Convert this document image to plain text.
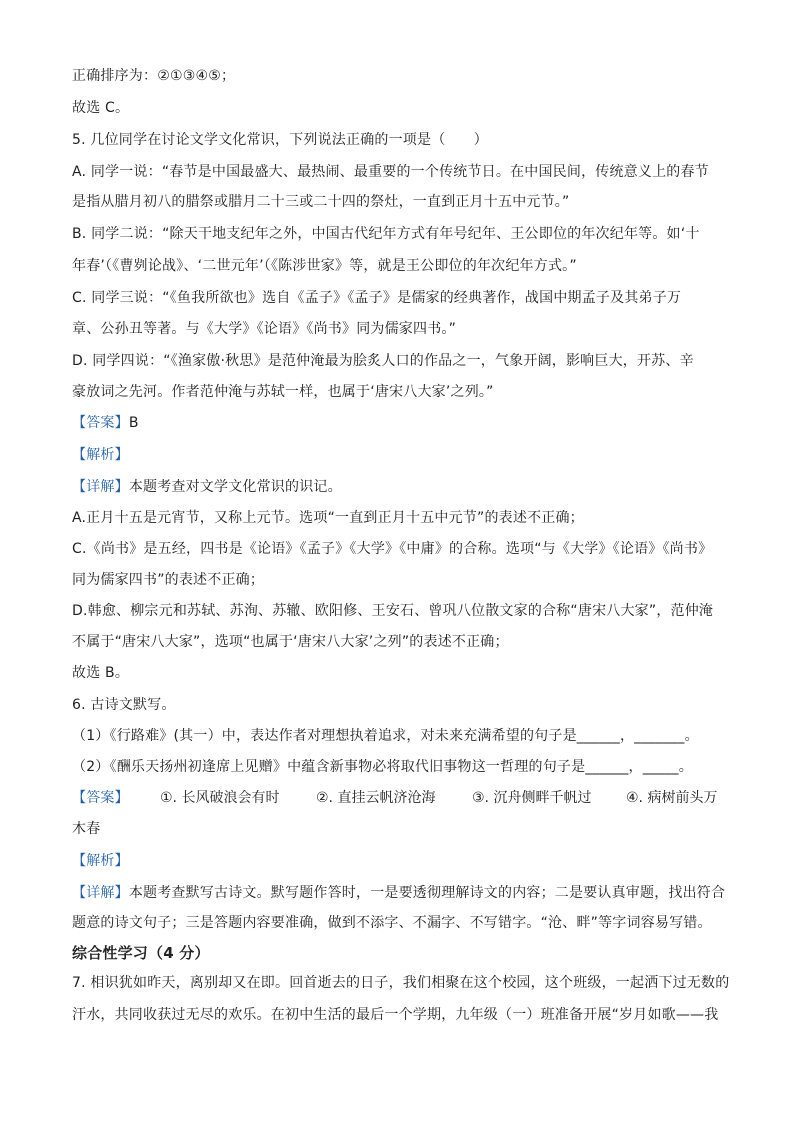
正确排序为：②①③④⑤；
故选 C。
5. 几位同学在讨论文学文化常识，下列说法正确的一项是（　　）
A. 同学一说：“春节是中国最盛大、最热闹、最重要的一个传统节日。在中国民间，传统意义上的春节
是指从腊月初八的腊祭或腊月二十三或二十四的祭灶，一直到正月十五中元节。”
B. 同学二说：“除天干地支纪年之外，中国古代纪年方式有年号纪年、王公即位的年次纪年等。如‘十
年春’（《曹刿论战》、‘二世元年’（《陈涉世家》等，就是王公即位的年次纪年方式。”
C. 同学三说：“《鱼我所欲也》选自《孟子》《孟子》是儒家的经典著作，战国中期孟子及其弟子万
章、公孙丑等著。与《大学》《论语》《尚书》同为儒家四书。”
D. 同学四说：“《渔家傲·秋思》是范仲淹最为脍炙人口的作品之一，气象开阔，影响巨大，开苏、辛
豪放词之先河。作者范仲淹与苏轼一样，也属于‘唐宋八大家’之列。”
【答案】B
【解析】
【详解】本题考查对文学文化常识的识记。
A.正月十五是元宵节，又称上元节。选项“一直到正月十五中元节”的表述不正确；
C.《尚书》是五经，四书是《论语》《孟子》《大学》《中庸》的合称。选项“与《大学》《论语》《尚书》
同为儒家四书”的表述不正确；
D.韩愈、柳宗元和苏轼、苏洵、苏辙、欧阳修、王安石、曾巩八位散文家的合称“唐宋八大家”，范仲淹
不属于“唐宋八大家”，选项“也属于‘唐宋八大家’之列”的表述不正确；
故选 B。
6. 古诗文默写。
（1）《行路难》(其一）中，表达作者对理想执着追求，对未来充满希望的句子是______，_______。
（2）《酬乐天扬州初逢席上见赠》中蕴含新事物必将取代旧事物这一哲理的句子是______，_____。
【答案】 ①. 长风破浪会有时	②. 直挂云帆济沧海	③. 沉舟侧畔千帆过 ④. 病树前头万
木春
【解析】
【详解】本题考查默写古诗文。默写题作答时，一是要透彻理解诗文的内容；二是要认真审题，找出符合
题意的诗文句子；三是答题内容要准确，做到不添字、不漏字、不写错字。“沧、畔”等字词容易写错。
综合性学习（4 分）
7. 相识犹如昨天，离别却又在即。回首逝去的日子，我们相聚在这个校园，这个班级，一起洒下过无数的
汗水，共同收获过无尽的欢乐。在初中生活的最后一个学期，九年级（一）班准备开展“岁月如歌——我
